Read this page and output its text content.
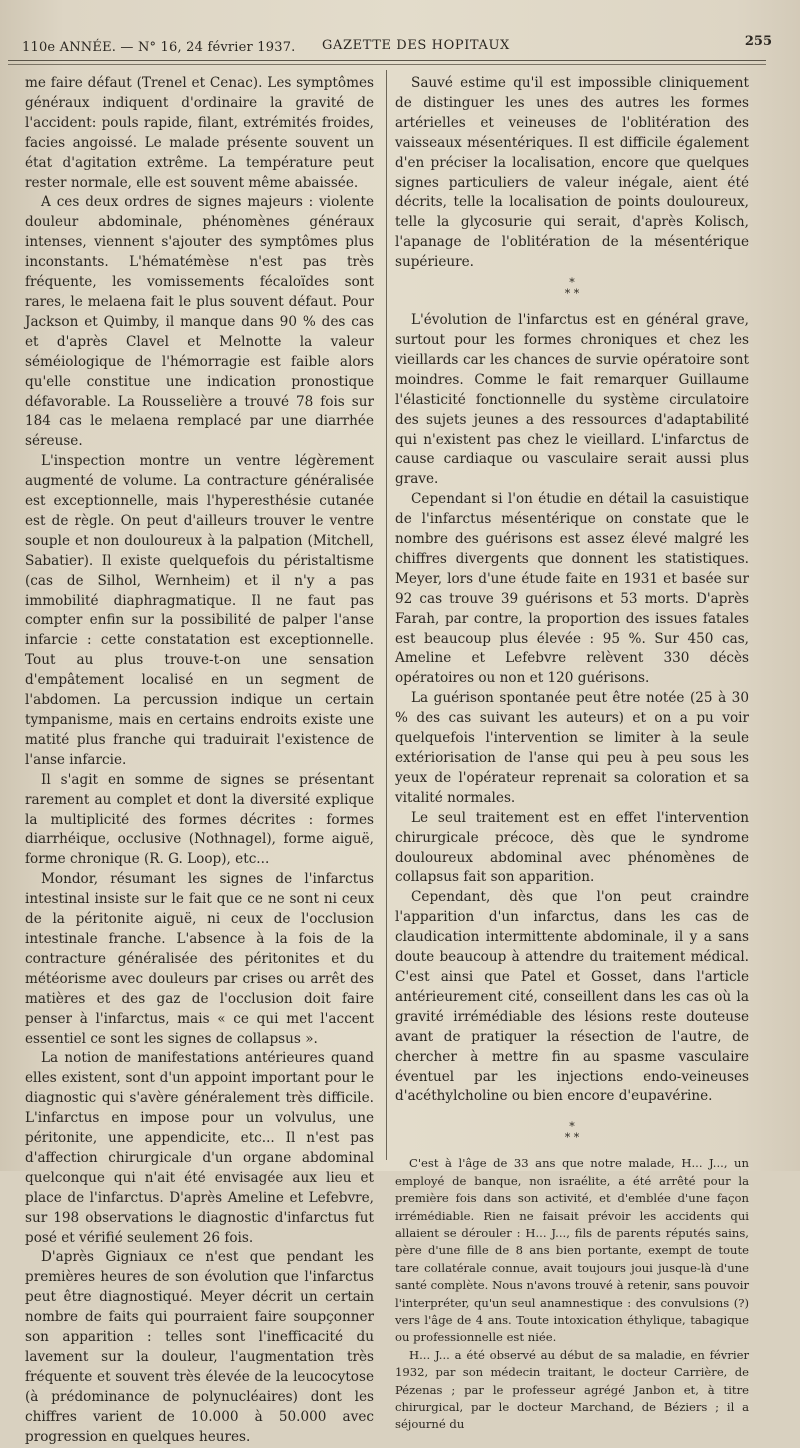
110e ANNÉE. — N° 16, 24 février 1937. GAZETTE DES HOPITAUX	255

me faire défaut (Trenel et Cenac). Les symptômes généraux indiquent d'ordinaire la gravité de l'accident: pouls rapide, filant, extrémités froides, facies angoissé. Le malade présente souvent un état d'agitation extrême. La température peut rester normale, elle est souvent même abaissée.

A ces deux ordres de signes majeurs : violente douleur abdominale, phénomènes généraux intenses, viennent s'ajouter des symptômes plus inconstants. L'hématémèse n'est pas très fréquente, les vomissements fécaloïdes sont rares, le melaena fait le plus souvent défaut. Pour Jackson et Quimby, il manque dans 90 % des cas et d'après Clavel et Melnotte la valeur séméiologique de l'hémorragie est faible alors qu'elle constitue une indication pronostique défavorable. La Rousselière a trouvé 78 fois sur 184 cas le melaena remplacé par une diarrhée séreuse.

L'inspection montre un ventre légèrement augmenté de volume. La contracture généralisée est exceptionnelle, mais l'hyperesthésie cutanée est de règle. On peut d'ailleurs trouver le ventre souple et non douloureux à la palpation (Mitchell, Sabatier). Il existe quelquefois du péristaltisme (cas de Silhol, Wernheim) et il n'y a pas immobilité diaphragmatique. Il ne faut pas compter enfin sur la possibilité de palper l'anse infarcie : cette constatation est exceptionnelle. Tout au plus trouve-t-on une sensation d'empâtement localisé en un segment de l'abdomen. La percussion indique un certain tympanisme, mais en certains endroits existe une matité plus franche qui traduirait l'existence de l'anse infarcie.

Il s'agit en somme de signes se présentant rarement au complet et dont la diversité explique la multiplicité des formes décrites : formes diarrhéique, occlusive (Nothnagel), forme aiguë, forme chronique (R. G. Loop), etc...

Mondor, résumant les signes de l'infarctus intestinal insiste sur le fait que ce ne sont ni ceux de la péritonite aiguë, ni ceux de l'occlusion intestinale franche. L'absence à la fois de la contracture généralisée des péritonites et du météorisme avec douleurs par crises ou arrêt des matières et des gaz de l'occlusion doit faire penser à l'infarctus, mais « ce qui met l'accent essentiel ce sont les signes de collapsus ».

La notion de manifestations antérieures quand elles existent, sont d'un appoint important pour le diagnostic qui s'avère généralement très difficile. L'infarctus en impose pour un volvulus, une péritonite, une appendicite, etc... Il n'est pas d'affection chirurgicale d'un organe abdominal quelconque qui n'ait été envisagée aux lieu et place de l'infarctus. D'après Ameline et Lefebvre, sur 198 observations le diagnostic d'infarctus fut posé et vérifié seulement 26 fois.

D'après Gigniaux ce n'est que pendant les premières heures de son évolution que l'infarctus peut être diagnostiqué. Meyer décrit un certain nombre de faits qui pourraient faire soupçonner son apparition : telles sont l'inefficacité du lavement sur la douleur, l'augmentation très fréquente et souvent très élevée de la leucocytose (à prédominance de polynucléaires) dont les chiffres varient de 10.000 à 50.000 avec progression en quelques heures.

Sauvé estime qu'il est impossible cliniquement de distinguer les unes des autres les formes artérielles et veineuses de l'oblitération des vaisseaux mésentériques. Il est difficile également d'en préciser la localisation, encore que quelques signes particuliers de valeur inégale, aient été décrits, telle la localisation de points douloureux, telle la glycosurie qui serait, d'après Kolisch, l'apanage de l'oblitération de la mésentérique supérieure.

*
* *

L'évolution de l'infarctus est en général grave, surtout pour les formes chroniques et chez les vieillards car les chances de survie opératoire sont moindres. Comme le fait remarquer Guillaume l'élasticité fonctionnelle du système circulatoire des sujets jeunes a des ressources d'adaptabilité qui n'existent pas chez le vieillard. L'infarctus de cause cardiaque ou vasculaire serait aussi plus grave.

Cependant si l'on étudie en détail la casuistique de l'infarctus mésentérique on constate que le nombre des guérisons est assez élevé malgré les chiffres divergents que donnent les statistiques. Meyer, lors d'une étude faite en 1931 et basée sur 92 cas trouve 39 guérisons et 53 morts. D'après Farah, par contre, la proportion des issues fatales est beaucoup plus élevée : 95 %. Sur 450 cas, Ameline et Lefebvre relèvent 330 décès opératoires ou non et 120 guérisons.

La guérison spontanée peut être notée (25 à 30 % des cas suivant les auteurs) et on a pu voir quelquefois l'intervention se limiter à la seule extériorisation de l'anse qui peu à peu sous les yeux de l'opérateur reprenait sa coloration et sa vitalité normales.

Le seul traitement est en effet l'intervention chirurgicale précoce, dès que le syndrome douloureux abdominal avec phénomènes de collapsus fait son apparition.

Cependant, dès que l'on peut craindre l'apparition d'un infarctus, dans les cas de claudication intermittente abdominale, il y a sans doute beaucoup à attendre du traitement médical. C'est ainsi que Patel et Gosset, dans l'article antérieurement cité, conseillent dans les cas où la gravité irrémédiable des lésions reste douteuse avant de pratiquer la résection de l'autre, de chercher à mettre fin au spasme vasculaire éventuel par les injections endo-veineuses d'acéthylcholine ou bien encore d'eupavérine.

*
* *

C'est à l'âge de 33 ans que notre malade, H... J..., un employé de banque, non israélite, a été arrêté pour la première fois dans son activité, et d'emblée d'une façon irrémédiable. Rien ne faisait prévoir les accidents qui allaient se dérouler : H... J..., fils de parents réputés sains, père d'une fille de 8 ans bien portante, exempt de toute tare collatérale connue, avait toujours joui jusque-là d'une santé complète. Nous n'avons trouvé à retenir, sans pouvoir l'interpréter, qu'un seul anamnestique : des convulsions (?) vers l'âge de 4 ans. Toute intoxication éthylique, tabagique ou professionnelle est niée.

H... J... a été observé au début de sa maladie, en février 1932, par son médecin traitant, le docteur Carrière, de Pézenas ; par le professeur agrégé Janbon et, à titre chirurgical, par le docteur Marchand, de Béziers ; il a séjourné du
